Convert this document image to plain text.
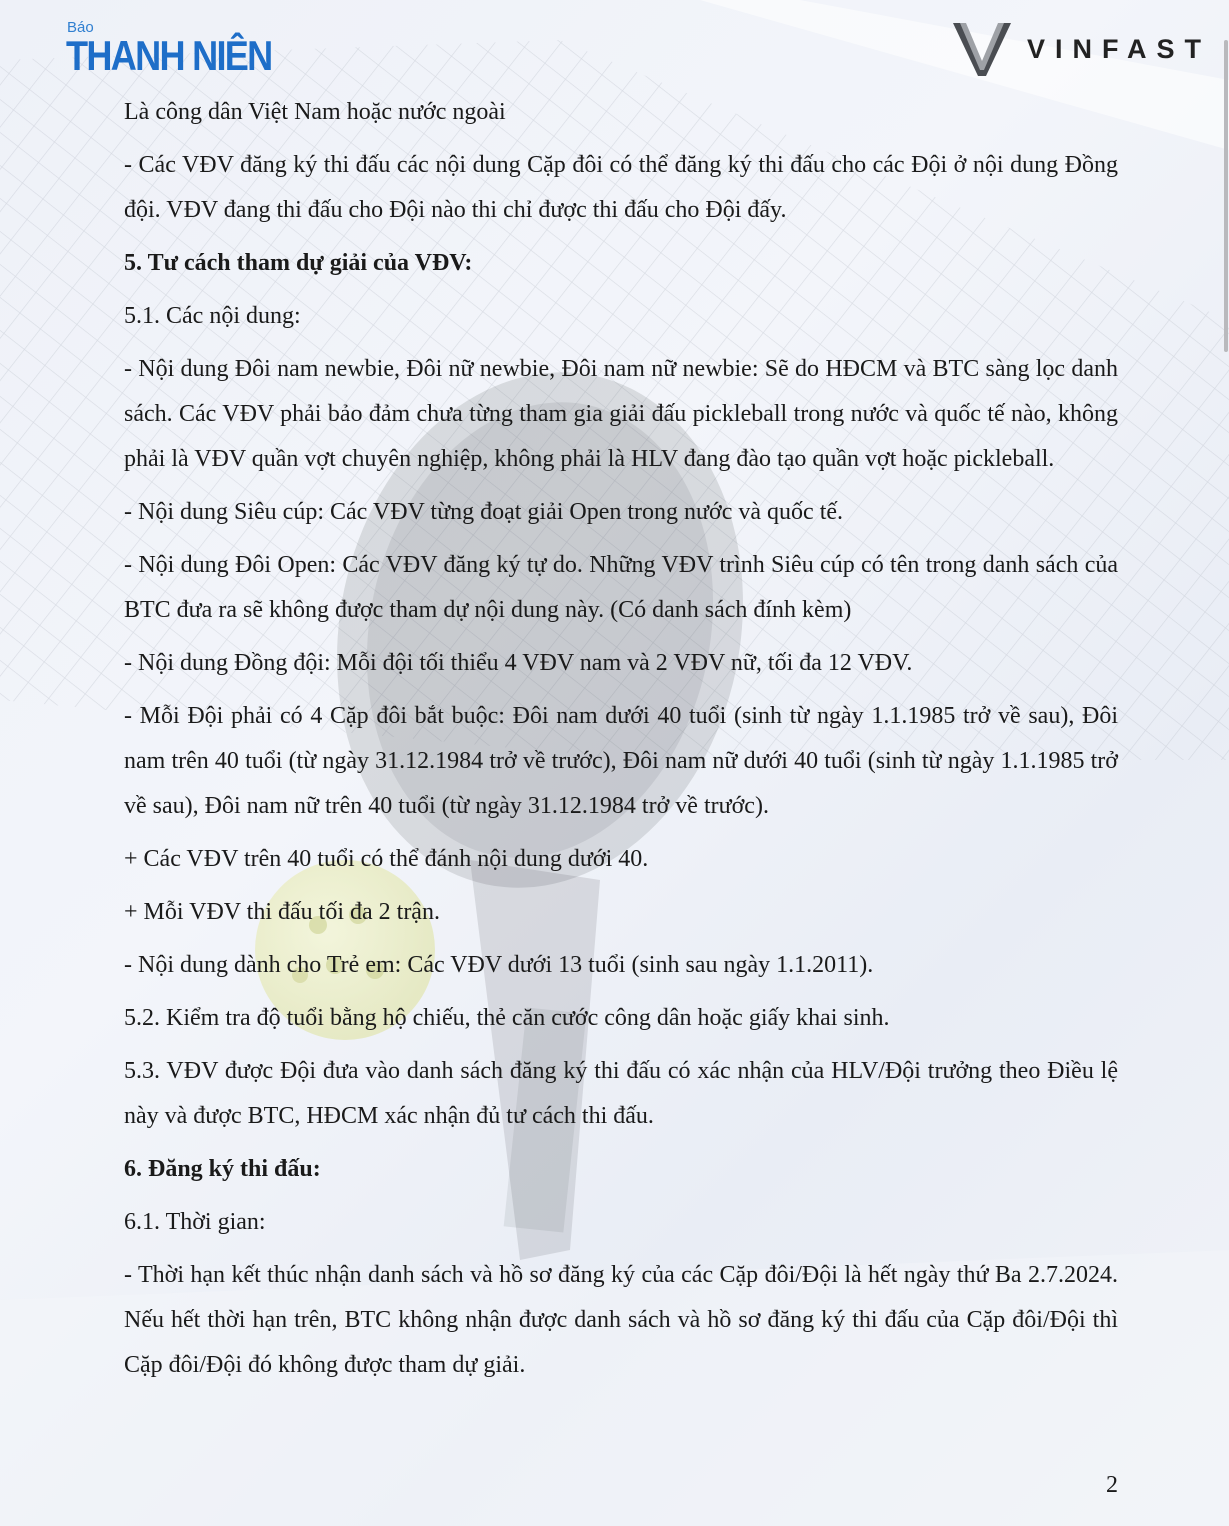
Báo
THANH NIÊN	VINFAST

Là công dân Việt Nam hoặc nước ngoài

- Các VĐV đăng ký thi đấu các nội dung Cặp đôi có thể đăng ký thi đấu cho các Đội ở nội dung Đồng đội. VĐV đang thi đấu cho Đội nào thi chỉ được thi đấu cho Đội đấy.

5. Tư cách tham dự giải của VĐV:

5.1. Các nội dung:

- Nội dung Đôi nam newbie, Đôi nữ newbie, Đôi nam nữ newbie: Sẽ do HĐCM và BTC sàng lọc danh sách. Các VĐV phải bảo đảm chưa từng tham gia giải đấu pickleball trong nước và quốc tế nào, không phải là VĐV quần vợt chuyên nghiệp, không phải là HLV đang đào tạo quần vợt hoặc pickleball.

- Nội dung Siêu cúp: Các VĐV từng đoạt giải Open trong nước và quốc tế.

- Nội dung Đôi Open: Các VĐV đăng ký tự do. Những VĐV trình Siêu cúp có tên trong danh sách của BTC đưa ra sẽ không được tham dự nội dung này. (Có danh sách đính kèm)

- Nội dung Đồng đội: Mỗi đội tối thiểu 4 VĐV nam và 2 VĐV nữ, tối đa 12 VĐV.

- Mỗi Đội phải có 4 Cặp đôi bắt buộc: Đôi nam dưới 40 tuổi (sinh từ ngày 1.1.1985 trở về sau), Đôi nam trên 40 tuổi (từ ngày 31.12.1984 trở về trước), Đôi nam nữ dưới 40 tuổi (sinh từ ngày 1.1.1985 trở về sau), Đôi nam nữ trên 40 tuổi (từ ngày 31.12.1984 trở về trước).

+ Các VĐV trên 40 tuổi có thể đánh nội dung dưới 40.

+ Mỗi VĐV thi đấu tối đa 2 trận.

- Nội dung dành cho Trẻ em: Các VĐV dưới 13 tuổi (sinh sau ngày 1.1.2011).

5.2. Kiểm tra độ tuổi bằng hộ chiếu, thẻ căn cước công dân hoặc giấy khai sinh.

5.3. VĐV được Đội đưa vào danh sách đăng ký thi đấu có xác nhận của HLV/Đội trưởng theo Điều lệ này và được BTC, HĐCM xác nhận đủ tư cách thi đấu.

6. Đăng ký thi đấu:

6.1. Thời gian:

- Thời hạn kết thúc nhận danh sách và hồ sơ đăng ký của các Cặp đôi/Đội là hết ngày thứ Ba 2.7.2024. Nếu hết thời hạn trên, BTC không nhận được danh sách và hồ sơ đăng ký thi đấu của Cặp đôi/Đội thì Cặp đôi/Đội đó không được tham dự giải.

2
